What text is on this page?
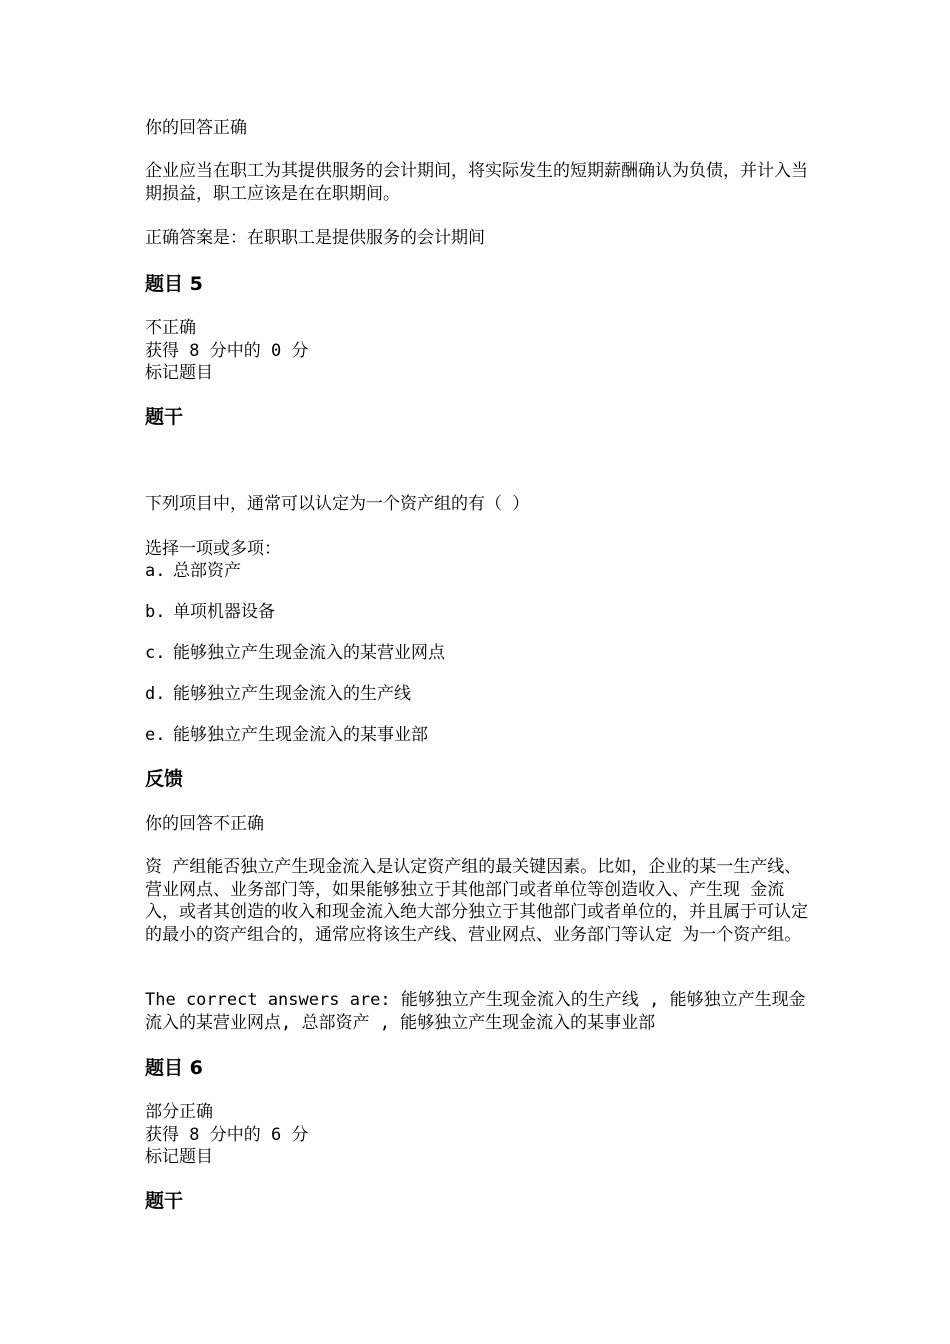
你的回答正确
企业应当在职工为其提供服务的会计期间，将实际发生的短期薪酬确认为负债，并计入当期损益，职工应该是在在职期间。
正确答案是：在职职工是提供服务的会计期间
题目 5
不正确
获得 8 分中的 0 分
标记题目
题干
下列项目中，通常可以认定为一个资产组的有（ ）
选择一项或多项：
a. 总部资产
b. 单项机器设备
c. 能够独立产生现金流入的某营业网点
d. 能够独立产生现金流入的生产线
e. 能够独立产生现金流入的某事业部
反馈
你的回答不正确
资 产组能否独立产生现金流入是认定资产组的最关键因素。比如，企业的某一生产线、营业网点、业务部门等，如果能够独立于其他部门或者单位等创造收入、产生现 金流入，或者其创造的收入和现金流入绝大部分独立于其他部门或者单位的，并且属于可认定的最小的资产组合的，通常应将该生产线、营业网点、业务部门等认定 为一个资产组。
The correct answers are: 能够独立产生现金流入的生产线 , 能够独立产生现金流入的某营业网点, 总部资产 , 能够独立产生现金流入的某事业部
题目 6
部分正确
获得 8 分中的 6 分
标记题目
题干
